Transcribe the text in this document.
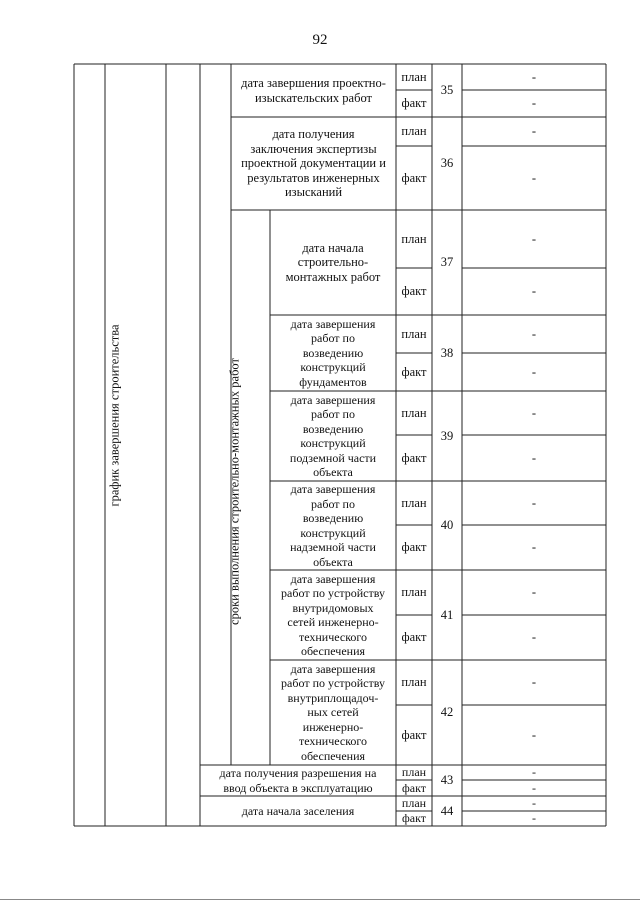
92
график завершения строительства	сроки выполнения строительно-монтажных работ
дата завершения проектно-
изыскательских работ
план
факт
35
-
-
дата получения
заключения экспертизы
проектной документации и
результатов инженерных
изысканий
план
факт
36
-
-
дата начала
строительно-
монтажных работ
план
факт
37
-
-
дата завершения
работ по
возведению
конструкций
фундаментов
план
факт
38
-
-
дата завершения
работ по
возведению
конструкций
подземной части
объекта
план
факт
39
-
-
дата завершения
работ по
возведению
конструкций
надземной части
объекта
план
факт
40
-
-
дата завершения
работ по устройству
внутридомовых
сетей инженерно-
технического
обеспечения
план
факт
41
-
-
дата завершения
работ по устройству
внутриплощадоч-
ных сетей
инженерно-
технического
обеспечения
план
факт
42
-
-
дата получения разрешения на
ввод объекта в эксплуатацию
план
факт
43
-
-
дата начала заселения
план
факт
44
-
-
